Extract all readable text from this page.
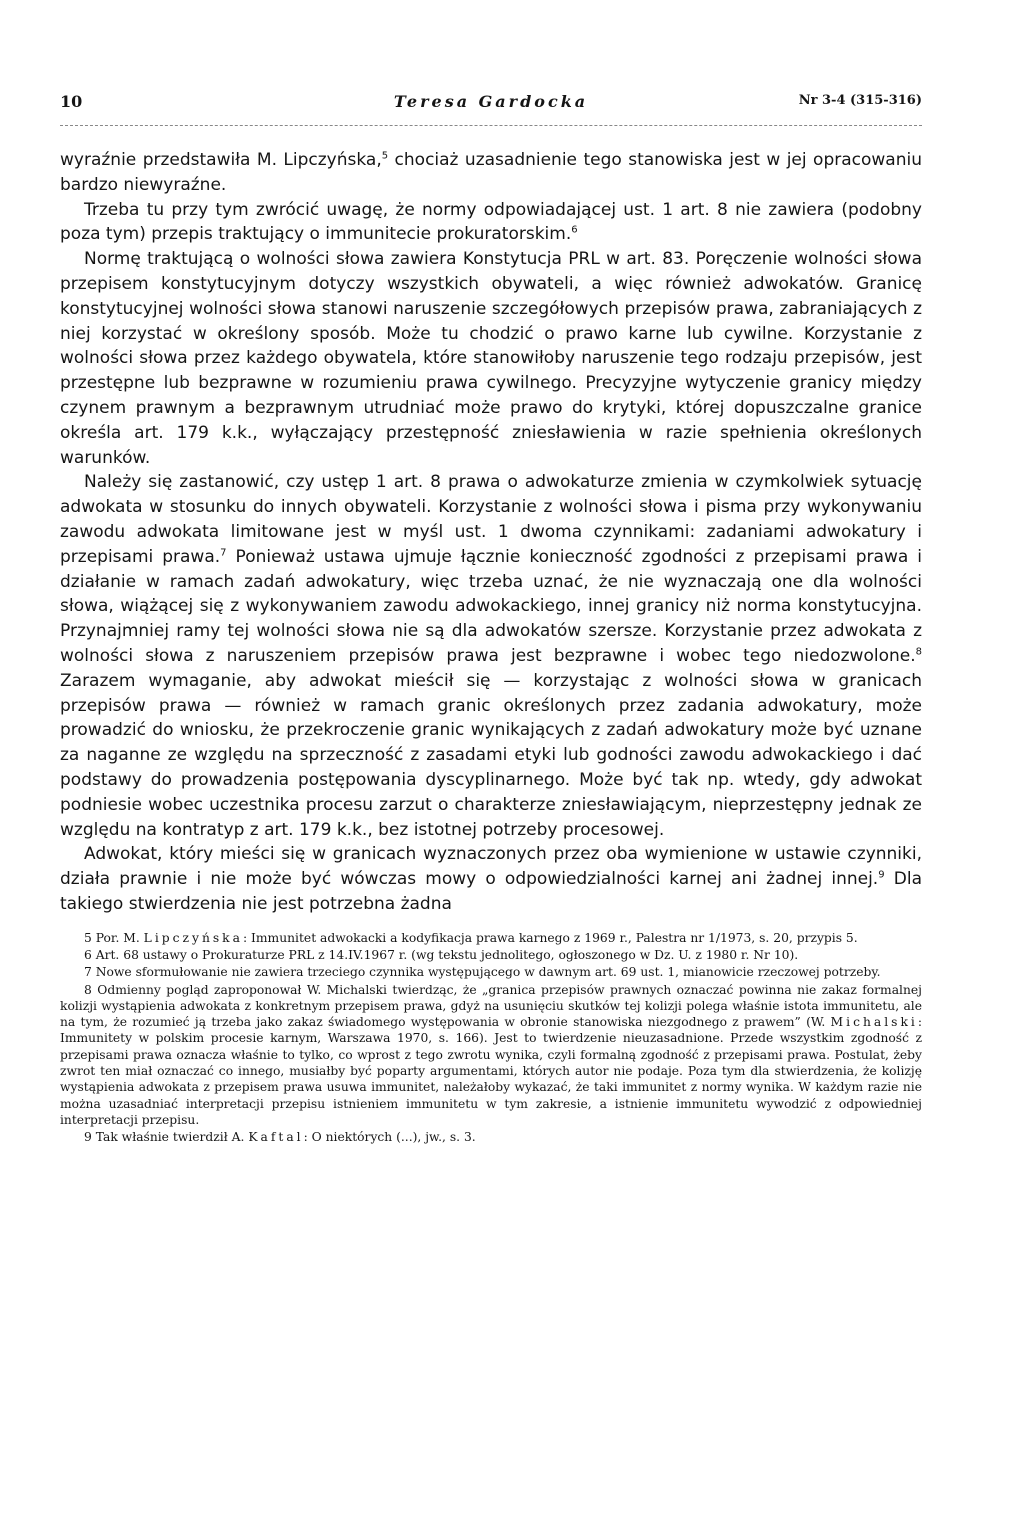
10	Teresa Gardocka	Nr 3-4 (315-316)

wyraźnie przedstawiła M. Lipczyńska,$^5$ chociaż uzasadnienie tego stanowiska jest w jej opracowaniu bardzo niewyraźne.

Trzeba tu przy tym zwrócić uwagę, że normy odpowiadającej ust. 1 art. 8 nie zawiera (podobny poza tym) przepis traktujący o immunitecie prokuratorskim.$^6$

Normę traktującą o wolności słowa zawiera Konstytucja PRL w art. 83. Poręczenie wolności słowa przepisem konstytucyjnym dotyczy wszystkich obywateli, a więc również adwokatów. Granicę konstytucyjnej wolności słowa stanowi naruszenie szczegółowych przepisów prawa, zabraniających z niej korzystać w określony sposób. Może tu chodzić o prawo karne lub cywilne. Korzystanie z wolności słowa przez każdego obywatela, które stanowiłoby naruszenie tego rodzaju przepisów, jest przestępne lub bezprawne w rozumieniu prawa cywilnego. Precyzyjne wytyczenie granicy między czynem prawnym a bezprawnym utrudniać może prawo do krytyki, której dopuszczalne granice określa art. 179 k.k., wyłączający przestępność zniesławienia w razie spełnienia określonych warunków.

Należy się zastanowić, czy ustęp 1 art. 8 prawa o adwokaturze zmienia w czymkolwiek sytuację adwokata w stosunku do innych obywateli. Korzystanie z wolności słowa i pisma przy wykonywaniu zawodu adwokata limitowane jest w myśl ust. 1 dwoma czynnikami: zadaniami adwokatury i przepisami prawa.$^7$ Ponieważ ustawa ujmuje łącznie konieczność zgodności z przepisami prawa i działanie w ramach zadań adwokatury, więc trzeba uznać, że nie wyznaczają one dla wolności słowa, wiążącej się z wykonywaniem zawodu adwokackiego, innej granicy niż norma konstytucyjna. Przynajmniej ramy tej wolności słowa nie są dla adwokatów szersze. Korzystanie przez adwokata z wolności słowa z naruszeniem przepisów prawa jest bezprawne i wobec tego niedozwolone.$^8$ Zarazem wymaganie, aby adwokat mieścił się — korzystając z wolności słowa w granicach przepisów prawa — również w ramach granic określonych przez zadania adwokatury, może prowadzić do wniosku, że przekroczenie granic wynikających z zadań adwokatury może być uznane za naganne ze względu na sprzeczność z zasadami etyki lub godności zawodu adwokackiego i dać podstawy do prowadzenia postępowania dyscyplinarnego. Może być tak np. wtedy, gdy adwokat podniesie wobec uczestnika procesu zarzut o charakterze zniesławiającym, nieprzestępny jednak ze względu na kontratyp z art. 179 k.k., bez istotnej potrzeby procesowej.

Adwokat, który mieści się w granicach wyznaczonych przez oba wymienione w ustawie czynniki, działa prawnie i nie może być wówczas mowy o odpowiedzialności karnej ani żadnej innej.$^9$ Dla takiego stwierdzenia nie jest potrzebna żadna

5 Por. M. Lipczyńska: Immunitet adwokacki a kodyfikacja prawa karnego z 1969 r., Palestra nr 1/1973, s. 20, przypis 5.

6 Art. 68 ustawy o Prokuraturze PRL z 14.IV.1967 r. (wg tekstu jednolitego, ogłoszonego w Dz. U. z 1980 r. Nr 10).

7 Nowe sformułowanie nie zawiera trzeciego czynnika występującego w dawnym art. 69 ust. 1, mianowicie rzeczowej potrzeby.

8 Odmienny pogląd zaproponował W. Michalski twierdząc, że „granica przepisów prawnych oznaczać powinna nie zakaz formalnej kolizji wystąpienia adwokata z konkretnym przepisem prawa, gdyż na usunięciu skutków tej kolizji polega właśnie istota immunitetu, ale na tym, że rozumieć ją trzeba jako zakaz świadomego występowania w obronie stanowiska niezgodnego z prawem” (W. Michalski: Immunitety w polskim procesie karnym, Warszawa 1970, s. 166). Jest to twierdzenie nieuzasadnione. Przede wszystkim zgodność z przepisami prawa oznacza właśnie to tylko, co wprost z tego zwrotu wynika, czyli formalną zgodność z przepisami prawa. Postulat, żeby zwrot ten miał oznaczać co innego, musiałby być poparty argumentami, których autor nie podaje. Poza tym dla stwierdzenia, że kolizję wystąpienia adwokata z przepisem prawa usuwa immunitet, należałoby wykazać, że taki immunitet z normy wynika. W każdym razie nie można uzasadniać interpretacji przepisu istnieniem immunitetu w tym zakresie, a istnienie immunitetu wywodzić z odpowiedniej interpretacji przepisu.

9 Tak właśnie twierdził A. Kaftal: O niektórych (...), jw., s. 3.
